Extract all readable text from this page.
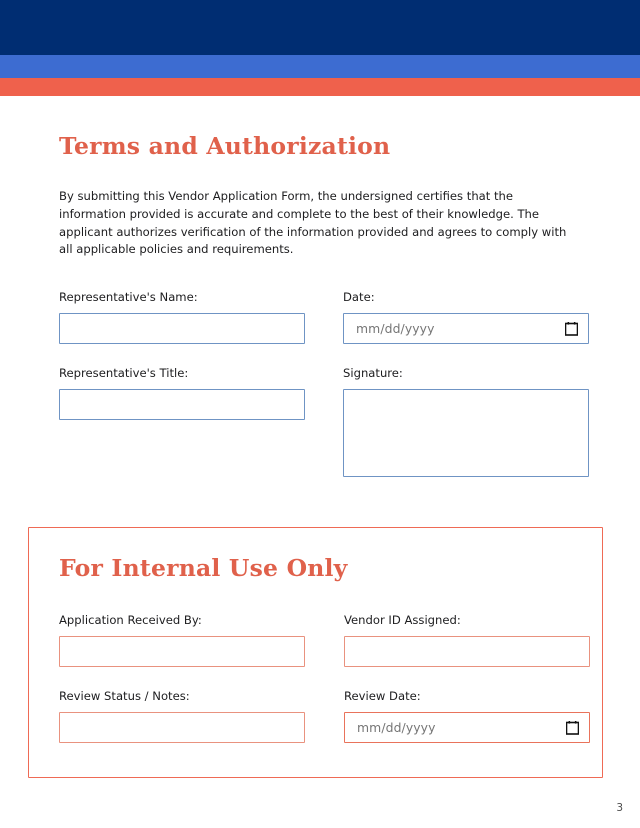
Terms and Authorization

By submitting this Vendor Application Form, the undersigned certifies that the information provided is accurate and complete to the best of their knowledge. The applicant authorizes verification of the information provided and agrees to comply with all applicable policies and requirements.

Representative's Name:	Date:
mm/dd/yyyy
Representative's Title:	Signature:
For Internal Use Only
Application Received By:	Vendor ID Assigned:
Review Status / Notes:	Review Date:
mm/dd/yyyy
3
